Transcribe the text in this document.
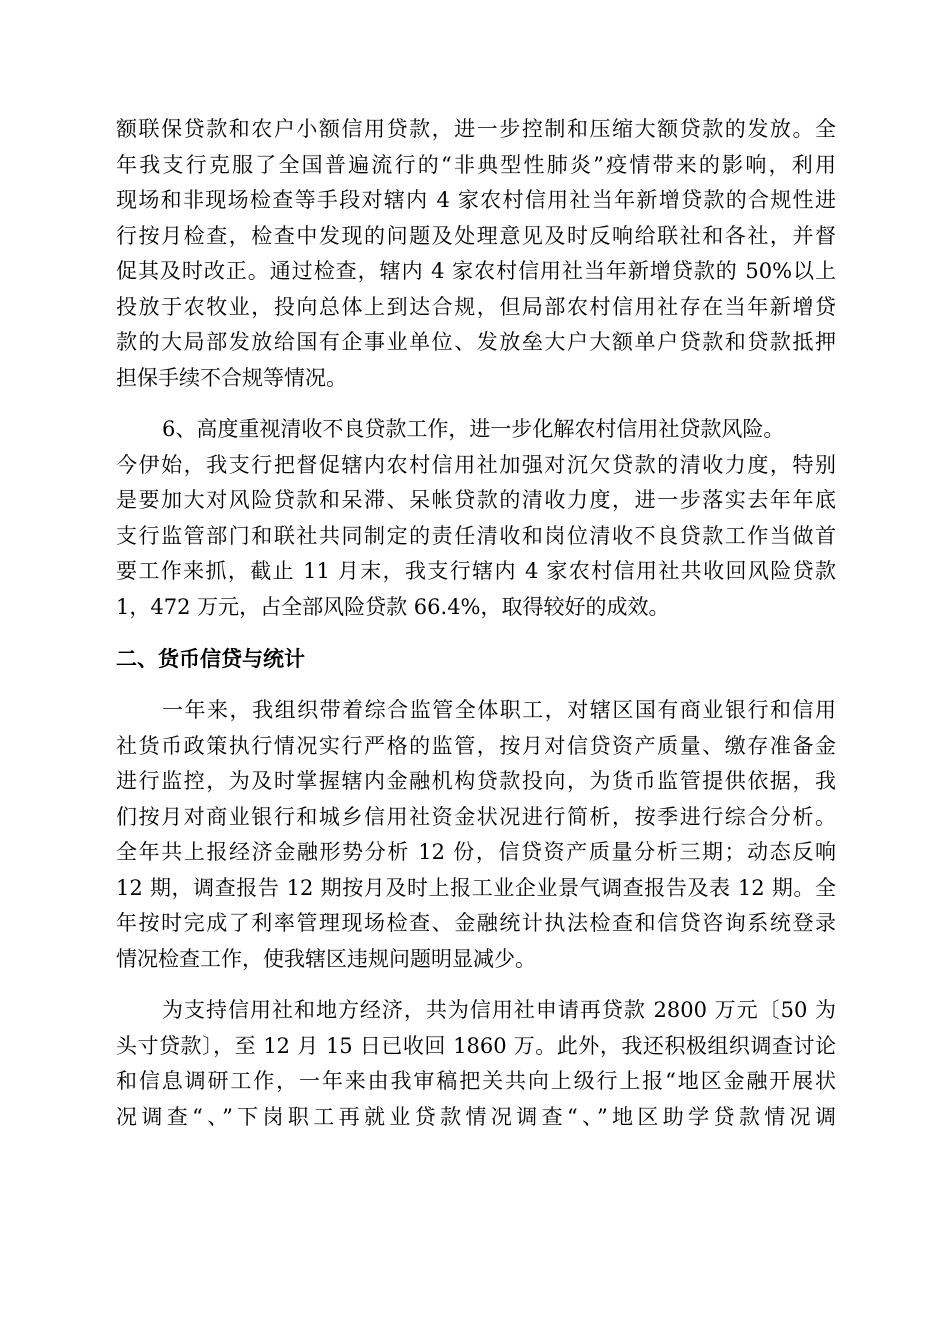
额联保贷款和农户小额信用贷款，进一步控制和压缩大额贷款的发放。全
年我支行克服了全国普遍流行的“非典型性肺炎”疫情带来的影响，利用
现场和非现场检查等手段对辖内 4 家农村信用社当年新增贷款的合规性进
行按月检查，检查中发现的问题及处理意见及时反响给联社和各社，并督
促其及时改正。通过检查，辖内 4 家农村信用社当年新增贷款的 50%以上
投放于农牧业，投向总体上到达合规，但局部农村信用社存在当年新增贷
款的大局部发放给国有企事业单位、发放垒大户大额单户贷款和贷款抵押
担保手续不合规等情况。
6、高度重视清收不良贷款工作，进一步化解农村信用社贷款风险。
今伊始，我支行把督促辖内农村信用社加强对沉欠贷款的清收力度，特别
是要加大对风险贷款和呆滞、呆帐贷款的清收力度，进一步落实去年年底
支行监管部门和联社共同制定的责任清收和岗位清收不良贷款工作当做首
要工作来抓，截止 11 月末，我支行辖内 4 家农村信用社共收回风险贷款
1，472 万元，占全部风险贷款 66.4%，取得较好的成效。
二、货币信贷与统计
一年来，我组织带着综合监管全体职工，对辖区国有商业银行和信用
社货币政策执行情况实行严格的监管，按月对信贷资产质量、缴存准备金
进行监控，为及时掌握辖内金融机构贷款投向，为货币监管提供依据，我
们按月对商业银行和城乡信用社资金状况进行简析，按季进行综合分析。
全年共上报经济金融形势分析 12 份，信贷资产质量分析三期；动态反响
12 期，调查报告 12 期按月及时上报工业企业景气调查报告及表 12 期。全
年按时完成了利率管理现场检查、金融统计执法检查和信贷咨询系统登录
情况检查工作，使我辖区违规问题明显减少。
为支持信用社和地方经济，共为信用社申请再贷款 2800 万元〔50 为
头寸贷款〕，至 12 月 15 日已收回 1860 万。此外，我还积极组织调查讨论
和信息调研工作，一年来由我审稿把关共向上级行上报“地区金融开展状
况调查“、”下岗职工再就业贷款情况调查“、”地区助学贷款情况调
